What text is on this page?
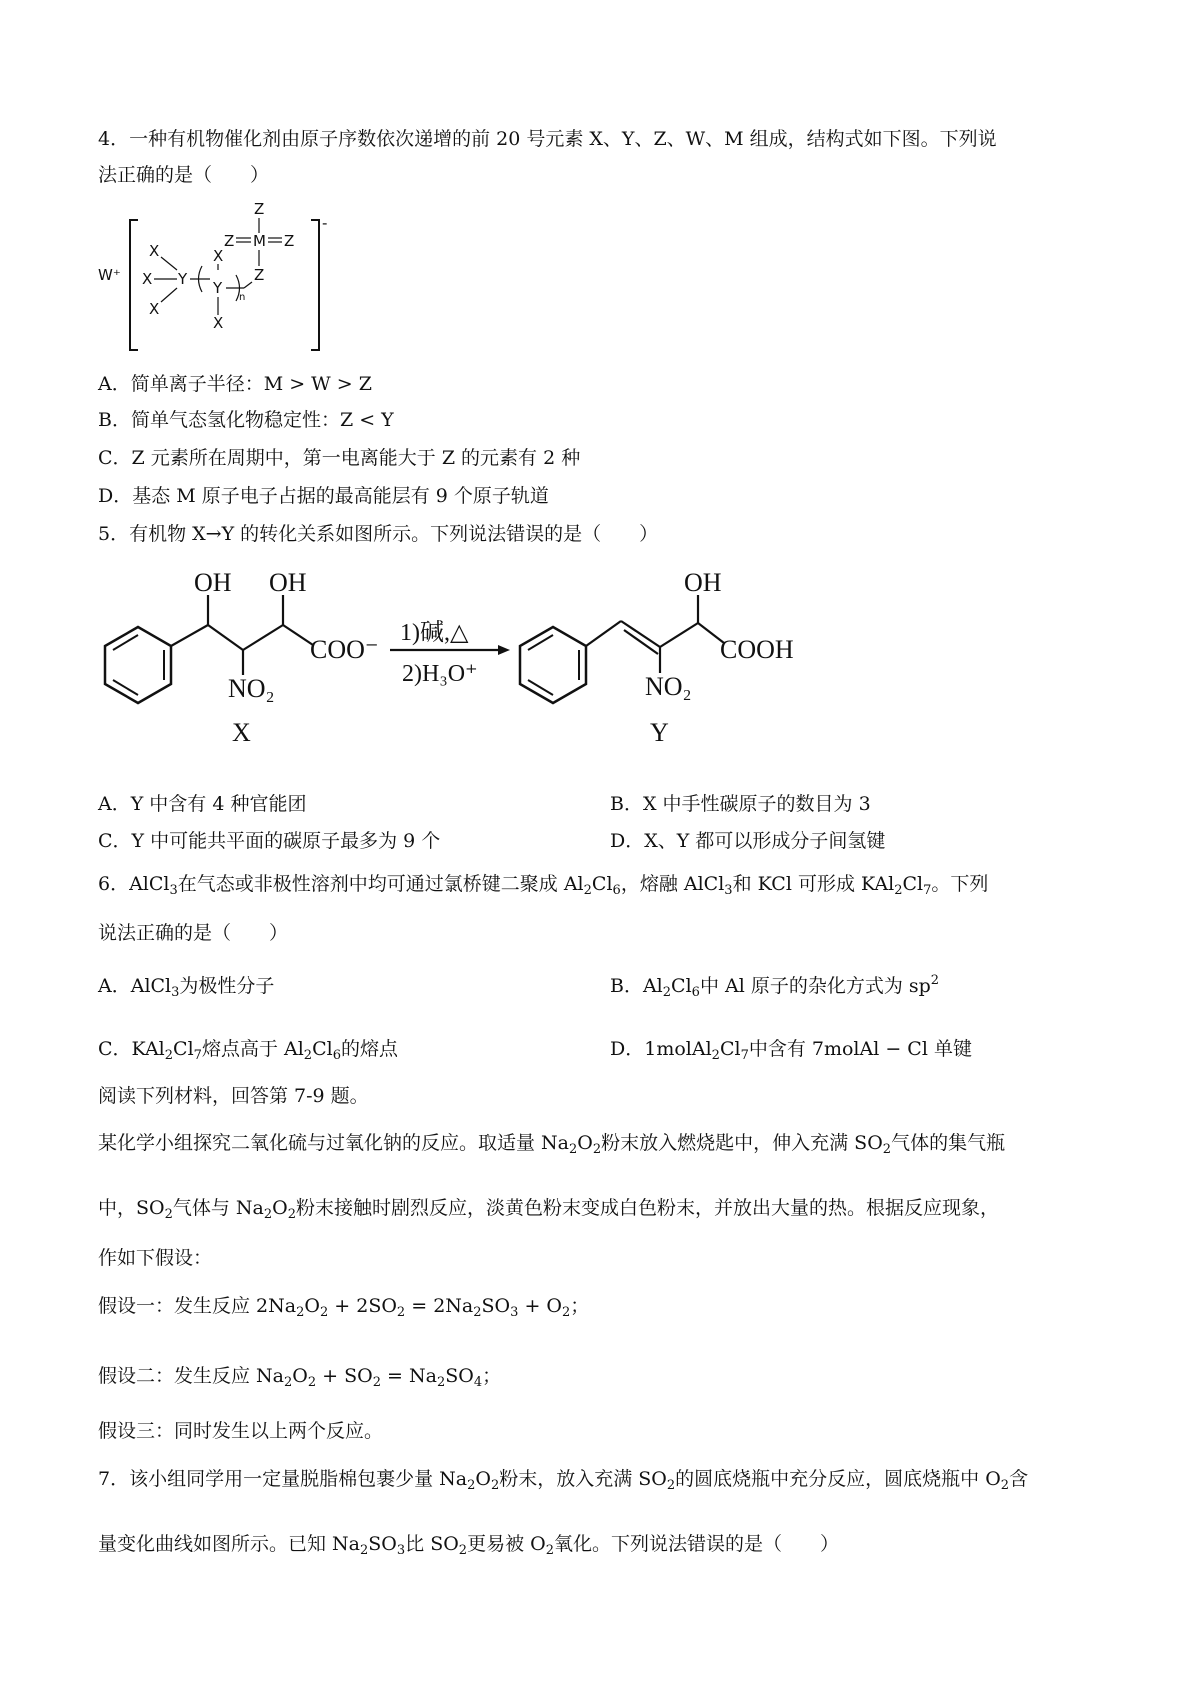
4．一种有机物催化剂由原子序数依次递增的前 20 号元素 X、Y、Z、W、M 组成，结构式如下图。下列说
法正确的是（　　）
W⁺
-
X
X
X
Y
X
Y
X
n
Z
M
Z
Z	Z
A．简单离子半径：M > W > Z
B．简单气态氢化物稳定性：Z < Y
C．Z 元素所在周期中，第一电离能大于 Z 的元素有 2 种
D．基态 M 原子电子占据的最高能层有 9 个原子轨道
5．有机物 X→Y 的转化关系如图所示。下列说法错误的是（　　）
OH OH
NO₂
COO⁻
X
1)碱,△
2)H₃O⁺
OH
NO₂
COOH
Y
A．Y 中含有 4 种官能团	B．X 中手性碳原子的数目为 3
C．Y 中可能共平面的碳原子最多为 9 个	D．X、Y 都可以形成分子间氢键
6．AlCl$_3$在气态或非极性溶剂中均可通过氯桥键二聚成 $Al_2Cl_6$，熔融 AlCl$_3$和 KCl 可形成 $KAl_2Cl_7$。下列
说法正确的是（　　）
A．AlCl$_3$为极性分子	B．$Al_2Cl_6$中 Al 原子的杂化方式为 $sp^2$
C．$KAl_2Cl_7$熔点高于 $Al_2Cl_6$的熔点	D．$1molAl_2Cl_7$中含有 7molAl − Cl 单键
阅读下列材料，回答第 7-9 题。
某化学小组探究二氧化硫与过氧化钠的反应。取适量 $Na_2O_2$粉末放入燃烧匙中，伸入充满 $SO_2$气体的集气瓶
中，$SO_2$气体与 $Na_2O_2$粉末接触时剧烈反应，淡黄色粉末变成白色粉末，并放出大量的热。根据反应现象，
作如下假设：
假设一：发生反应 $2Na_2O_2 + 2SO_2 = 2Na_2SO_3 + O_2$；
假设二：发生反应 $Na_2O_2 + SO_2 = Na_2SO_4$；
假设三：同时发生以上两个反应。
7．该小组同学用一定量脱脂棉包裹少量 $Na_2O_2$粉末，放入充满 $SO_2$的圆底烧瓶中充分反应，圆底烧瓶中 $O_2$含
量变化曲线如图所示。已知 $Na_2SO_3$比 $SO_2$更易被 $O_2$氧化。下列说法错误的是（　　）
